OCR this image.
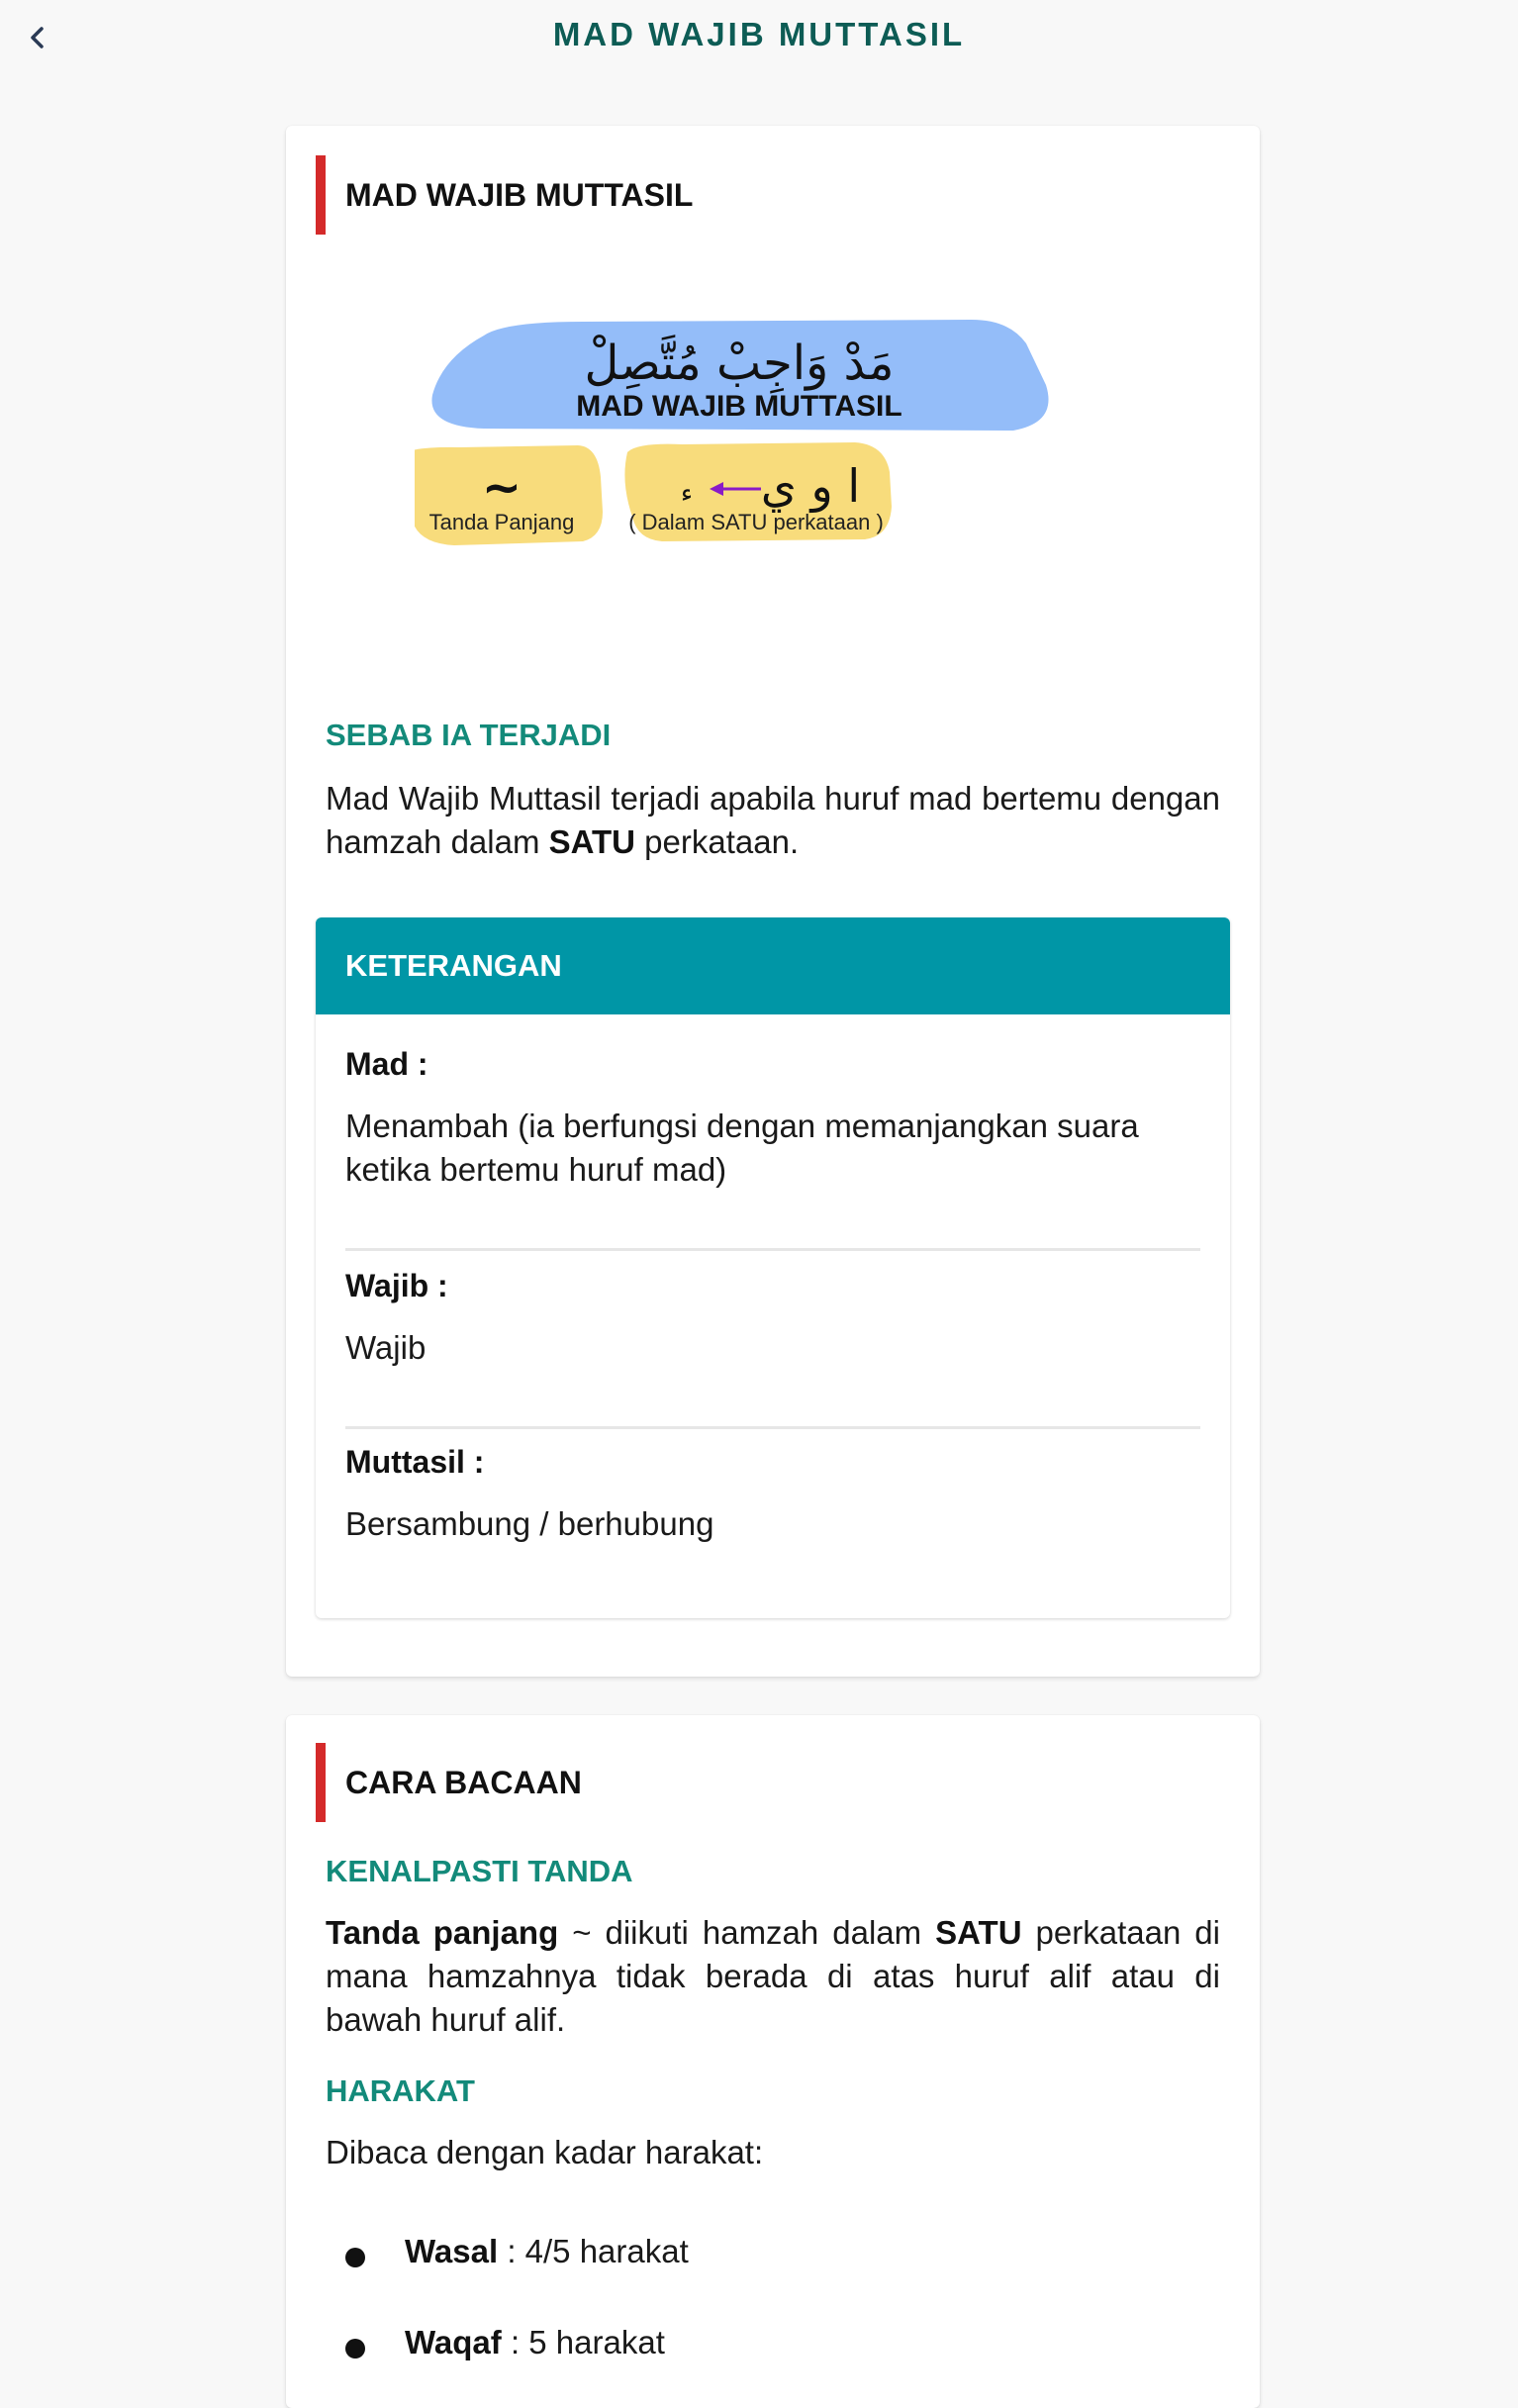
MAD WAJIB MUTTASIL
MAD WAJIB MUTTASIL
مَدْ وَاجِبْ مُتَّصِلْ
MAD WAJIB MUTTASIL
~
Tanda Panjang
ا و ي
ء
( Dalam SATU perkataan )
SEBAB IA TERJADI
Mad Wajib Muttasil terjadi apabila huruf mad bertemu dengan hamzah dalam SATU perkataan.
KETERANGAN
Mad :
Menambah (ia berfungsi dengan memanjangkan suara ketika bertemu huruf mad)
Wajib :
Wajib
Muttasil :
Bersambung / berhubung
CARA BACAAN
KENALPASTI TANDA
Tanda panjang ~ diikuti hamzah dalam SATU perkataan di mana hamzahnya tidak berada di atas huruf alif atau di bawah huruf alif.
HARAKAT
Dibaca dengan kadar harakat:
Wasal : 4/5 harakat
Waqaf : 5 harakat
